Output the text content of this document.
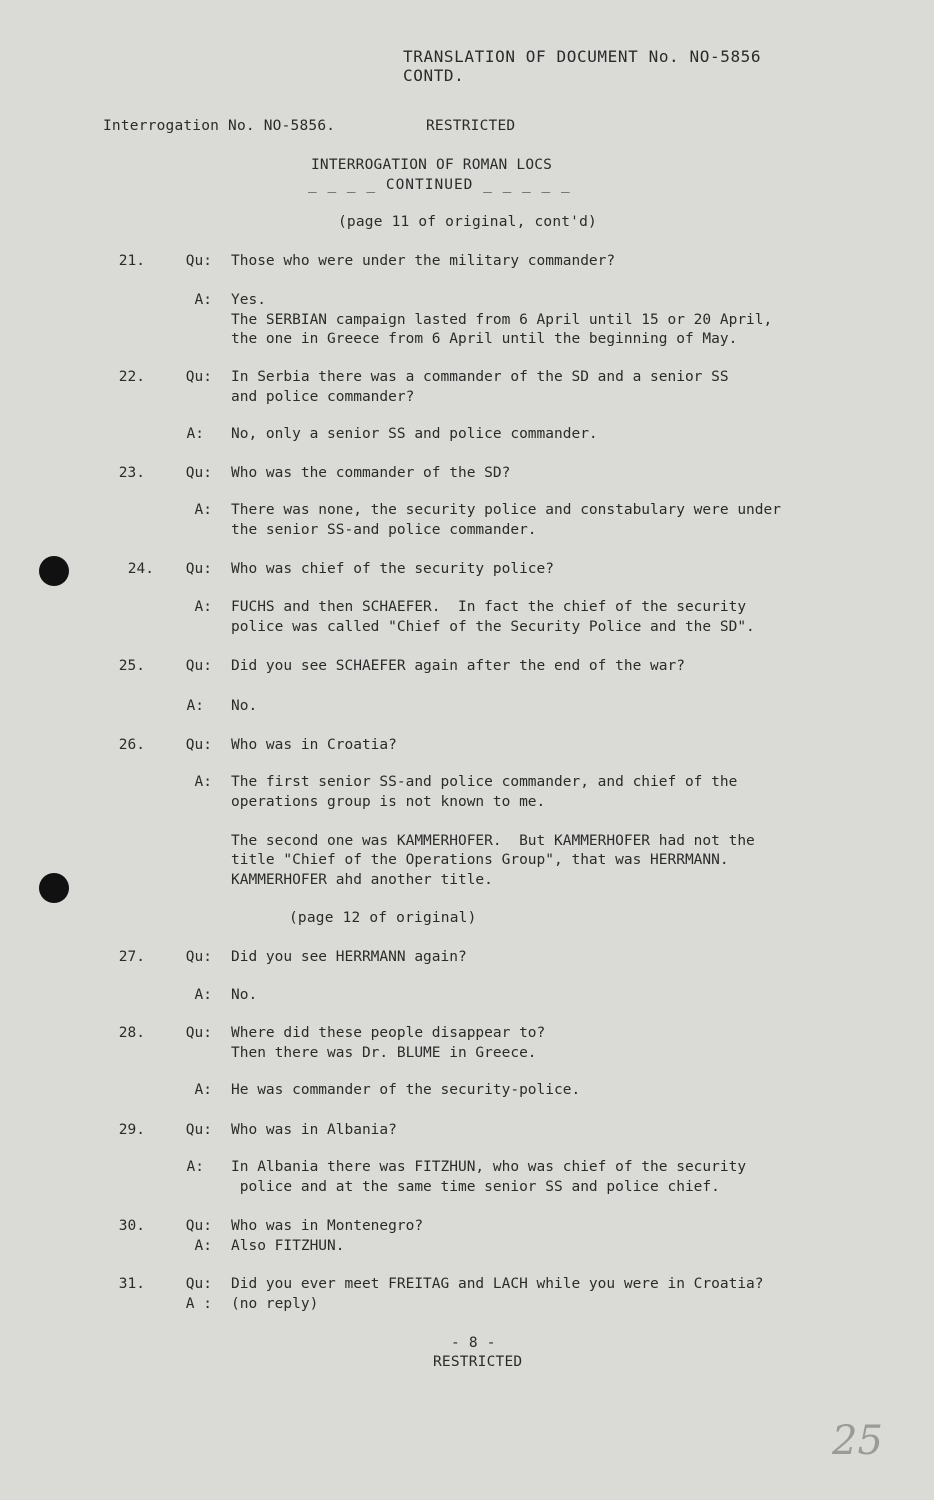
TRANSLATION OF DOCUMENT No. NO-5856
CONTD.
Interrogation No. NO-5856.	RESTRICTED
INTERROGATION OF ROMAN LOCS
_ _ _ _ CONTINUED _ _ _ _ _
(page 11 of original, cont'd)
21.	Qu: Those who were under the military commander?
A: Yes.
The SERBIAN campaign lasted from 6 April until 15 or 20 April,
the one in Greece from 6 April until the beginning of May.
22.	Qu: In Serbia there was a commander of the SD and a senior SS
and police commander?
A: No, only a senior SS and police commander.
23.	Qu: Who was the commander of the SD?
A: There was none, the security police and constabulary were under
the senior SS-and police commander.
24.	Qu: Who was chief of the security police?
A: FUCHS and then SCHAEFER.  In fact the chief of the security
police was called "Chief of the Security Police and the SD".
25.	Qu: Did you see SCHAEFER again after the end of the war?
A: No.
26.	Qu: Who was in Croatia?
A: The first senior SS-and police commander, and chief of the
operations group is not known to me.

The second one was KAMMERHOFER.  But KAMMERHOFER had not the
title "Chief of the Operations Group", that was HERRMANN.
KAMMERHOFER ahd another title.
(page 12 of original)
27.	Qu: Did you see HERRMANN again?
A: No.
28.	Qu: Where did these people disappear to?
Then there was Dr. BLUME in Greece.
A: He was commander of the security-police.
29.	Qu: Who was in Albania?
A: In Albania there was FITZHUN, who was chief of the security
police and at the same time senior SS and police chief.
30.	Qu: Who was in Montenegro?
A: Also FITZHUN.
31.	Qu: Did you ever meet FREITAG and LACH while you were in Croatia?
A : (no reply)
- 8 -
RESTRICTED
25
